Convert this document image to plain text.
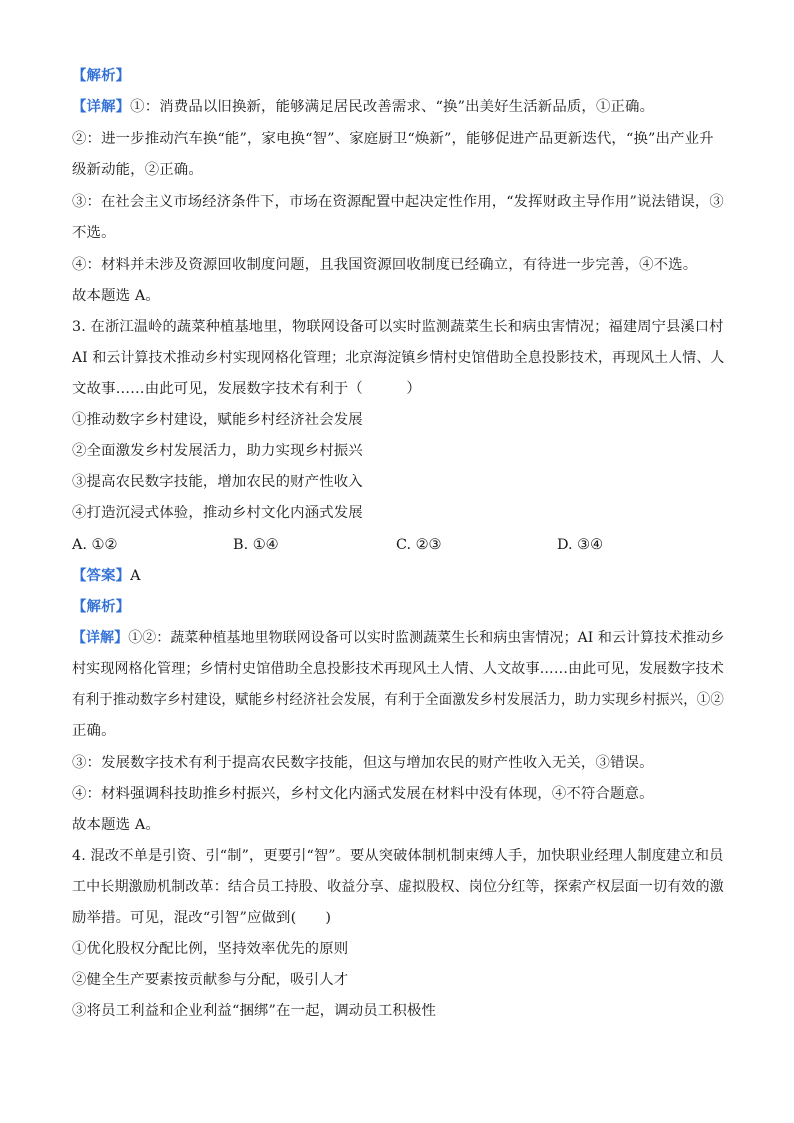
【解析】
【详解】①：消费品以旧换新，能够满足居民改善需求、“换”出美好生活新品质，①正确。
②：进一步推动汽车换“能”，家电换“智”、家庭厨卫“焕新”，能够促进产品更新迭代，“换”出产业升
级新动能，②正确。
③：在社会主义市场经济条件下，市场在资源配置中起决定性作用，“发挥财政主导作用”说法错误，③
不选。
④：材料并未涉及资源回收制度问题，且我国资源回收制度已经确立，有待进一步完善，④不选。
故本题选 A。
3. 在浙江温岭的蔬菜种植基地里，物联网设备可以实时监测蔬菜生长和病虫害情况；福建周宁县溪口村
AI 和云计算技术推动乡村实现网格化管理；北京海淀镇乡情村史馆借助全息投影技术，再现风土人情、人
文故事……由此可见，发展数字技术有利于（　　　）
①推动数字乡村建设，赋能乡村经济社会发展
②全面激发乡村发展活力，助力实现乡村振兴
③提高农民数字技能，增加农民的财产性收入
④打造沉浸式体验，推动乡村文化内涵式发展
A. ①②	B. ①④	C. ②③	D. ③④
【答案】A
【解析】
【详解】①②：蔬菜种植基地里物联网设备可以实时监测蔬菜生长和病虫害情况；AI 和云计算技术推动乡
村实现网格化管理；乡情村史馆借助全息投影技术再现风土人情、人文故事……由此可见，发展数字技术
有利于推动数字乡村建设，赋能乡村经济社会发展，有利于全面激发乡村发展活力，助力实现乡村振兴，①②
正确。
③：发展数字技术有利于提高农民数字技能，但这与增加农民的财产性收入无关，③错误。
④：材料强调科技助推乡村振兴，乡村文化内涵式发展在材料中没有体现，④不符合题意。
故本题选 A。
4. 混改不单是引资、引“制”，更要引“智”。要从突破体制机制束缚人手，加快职业经理人制度建立和员
工中长期激励机制改革：结合员工持股、收益分享、虚拟股权、岗位分红等，探索产权层面一切有效的激
励举措。可见，混改“引智”应做到(　　)
①优化股权分配比例，坚持效率优先的原则
②健全生产要素按贡献参与分配，吸引人才
③将员工利益和企业利益“捆绑”在一起，调动员工积极性
